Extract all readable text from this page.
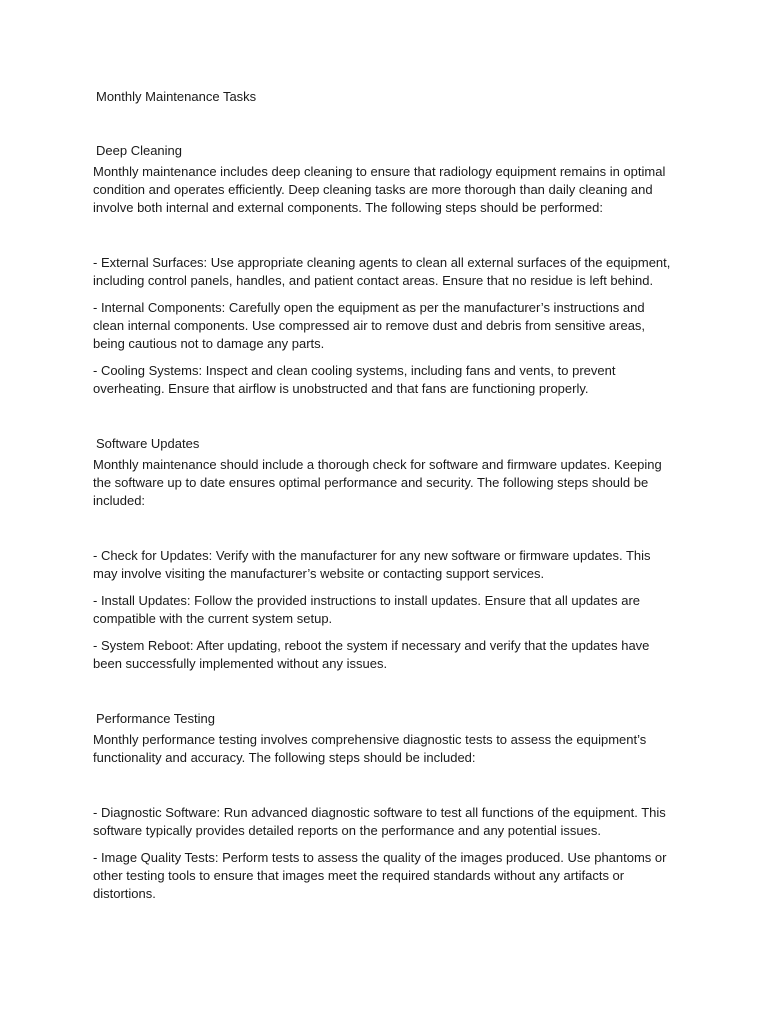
Monthly Maintenance Tasks
Deep Cleaning

Monthly maintenance includes deep cleaning to ensure that radiology equipment remains in optimal condition and operates efficiently. Deep cleaning tasks are more thorough than daily cleaning and involve both internal and external components. The following steps should be performed:

- External Surfaces: Use appropriate cleaning agents to clean all external surfaces of the equipment, including control panels, handles, and patient contact areas. Ensure that no residue is left behind.

- Internal Components: Carefully open the equipment as per the manufacturer’s instructions and clean internal components. Use compressed air to remove dust and debris from sensitive areas, being cautious not to damage any parts.

- Cooling Systems: Inspect and clean cooling systems, including fans and vents, to prevent overheating. Ensure that airflow is unobstructed and that fans are functioning properly.

Software Updates

Monthly maintenance should include a thorough check for software and firmware updates. Keeping the software up to date ensures optimal performance and security. The following steps should be included:

- Check for Updates: Verify with the manufacturer for any new software or firmware updates. This may involve visiting the manufacturer’s website or contacting support services.

- Install Updates: Follow the provided instructions to install updates. Ensure that all updates are compatible with the current system setup.

- System Reboot: After updating, reboot the system if necessary and verify that the updates have been successfully implemented without any issues.

Performance Testing

Monthly performance testing involves comprehensive diagnostic tests to assess the equipment’s functionality and accuracy. The following steps should be included:

- Diagnostic Software: Run advanced diagnostic software to test all functions of the equipment. This software typically provides detailed reports on the performance and any potential issues.

- Image Quality Tests: Perform tests to assess the quality of the images produced. Use phantoms or other testing tools to ensure that images meet the required standards without any artifacts or distortions.
